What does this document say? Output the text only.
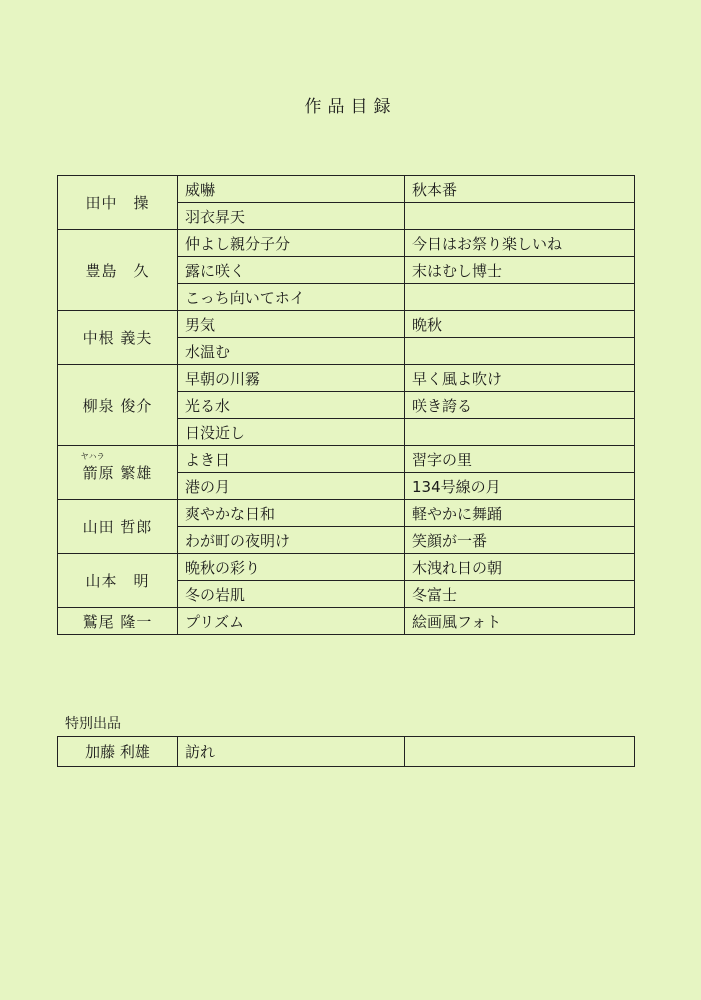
作品目録
田中　操	威嚇	秋本番
	羽衣昇天	
豊島　久	仲よし親分子分	今日はお祭り楽しいね
	露に咲く	末はむし博士
	こっち向いてホイ	
中根 義夫	男気	晩秋
	水温む	
柳泉 俊介	早朝の川霧	早く風よ吹け
	光る水	咲き誇る
	日没近し	

ヤハラ
箭原 繁雄	よき日	習字の里
	港の月	134号線の月
山田 哲郎	爽やかな日和	軽やかに舞踊
	わが町の夜明け	笑顔が一番
山本　明	晩秋の彩り	木洩れ日の朝
	冬の岩肌	冬富士
鷲尾 隆一	プリズム	絵画風フォト
特別出品
加藤 利雄	訪れ	
